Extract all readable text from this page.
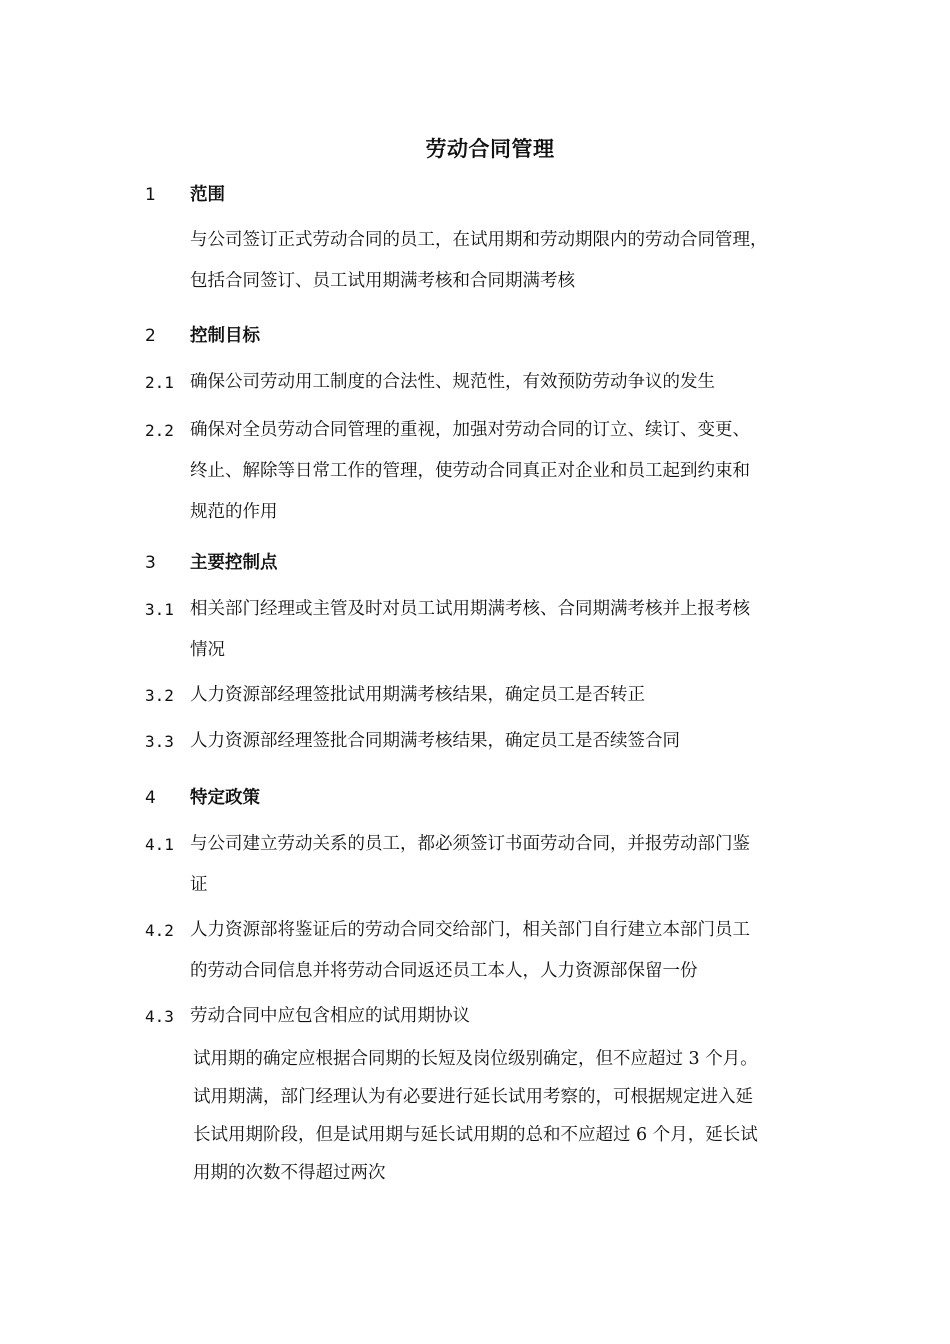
劳动合同管理
1 范围
与公司签订正式劳动合同的员工，在试用期和劳动期限内的劳动合同管理，
包括合同签订、员工试用期满考核和合同期满考核
2 控制目标
2.1 确保公司劳动用工制度的合法性、规范性，有效预防劳动争议的发生
2.2 确保对全员劳动合同管理的重视，加强对劳动合同的订立、续订、变更、
终止、解除等日常工作的管理，使劳动合同真正对企业和员工起到约束和
规范的作用
3 主要控制点
3.1 相关部门经理或主管及时对员工试用期满考核、合同期满考核并上报考核
情况
3.2 人力资源部经理签批试用期满考核结果，确定员工是否转正
3.3 人力资源部经理签批合同期满考核结果，确定员工是否续签合同
4 特定政策
4.1 与公司建立劳动关系的员工，都必须签订书面劳动合同，并报劳动部门鉴
证
4.2 人力资源部将鉴证后的劳动合同交给部门，相关部门自行建立本部门员工
的劳动合同信息并将劳动合同返还员工本人，人力资源部保留一份
4.3 劳动合同中应包含相应的试用期协议
试用期的确定应根据合同期的长短及岗位级别确定，但不应超过 3 个月。
试用期满，部门经理认为有必要进行延长试用考察的，可根据规定进入延
长试用期阶段，但是试用期与延长试用期的总和不应超过 6 个月，延长试
用期的次数不得超过两次
